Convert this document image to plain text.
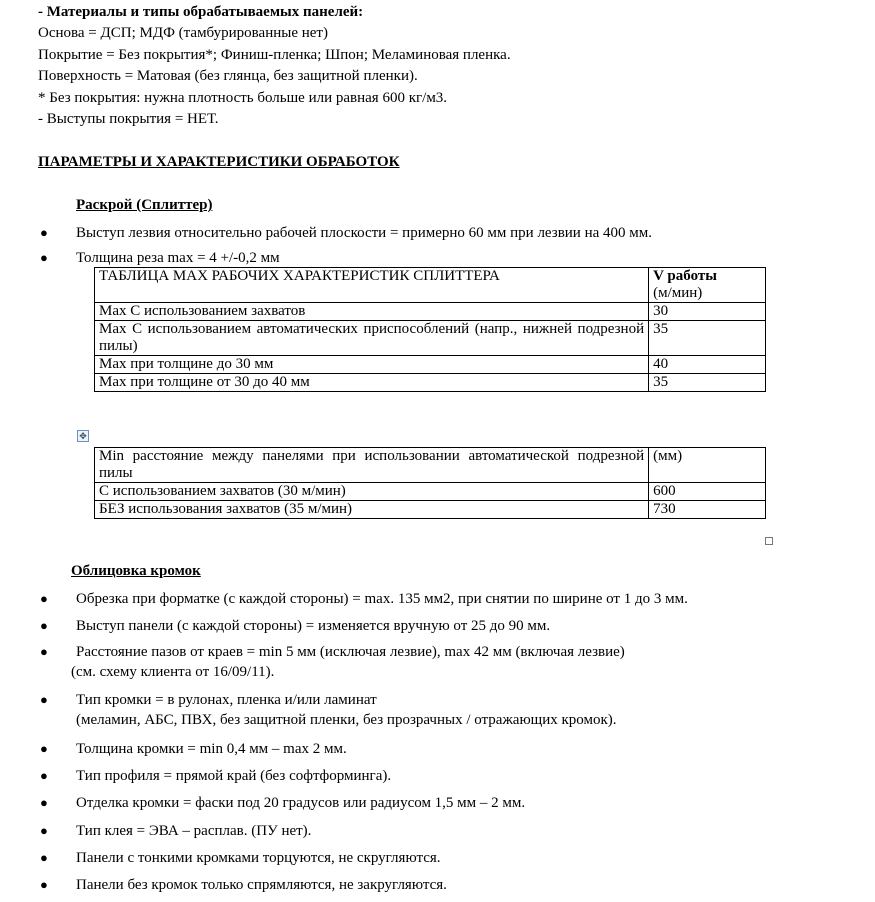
- Материалы и типы обрабатываемых панелей:
Основа = ДСП; МДФ (тамбурированные нет)
Покрытие = Без покрытия*; Финиш-пленка; Шпон; Меламиновая пленка.
Поверхность = Матовая (без глянца, без защитной пленки).
* Без покрытия: нужна плотность больше или равная 600 кг/м3.
- Выступы покрытия = НЕТ.
ПАРАМЕТРЫ И ХАРАКТЕРИСТИКИ ОБРАБОТОК
Раскрой (Сплиттер)
● Выступ лезвия относительно рабочей плоскости = примерно 60 мм при лезвии на 400 мм.
● Толщина реза max = 4 +/-0,2 мм
ТАБЛИЦА MAX РАБОЧИХ ХАРАКТЕРИСТИК СПЛИТТЕРА	V работы
(м/мин)

Max С использованием захватов	30
Max С использованием автоматических приспособлений (напр., нижней подрезной пилы)	35
Max при толщине до 30 мм	40
Max при толщине от 30 до 40 мм	35
✥
Min расстояние между панелями при использовании автоматической подрезной пилы	(мм)
С использованием захватов (30 м/мин)	600
БЕЗ использования захватов (35 м/мин)	730
Облицовка кромок
● Обрезка при форматке (с каждой стороны) = max. 135 мм2, при снятии по ширине от 1 до 3 мм.
● Выступ панели (с каждой стороны) = изменяется вручную от 25 до 90 мм.
● Расстояние пазов от краев = min 5 мм (исключая лезвие), max 42 мм (включая лезвие)
(см. схему клиента от 16/09/11).
● Тип кромки = в рулонах, пленка и/или ламинат
(меламин, АБС, ПВХ, без защитной пленки, без прозрачных / отражающих кромок).
● Толщина кромки = min 0,4 мм – max 2 мм.
● Тип профиля = прямой край (без софтформинга).
● Отделка кромки = фаски под 20 градусов или радиусом 1,5 мм – 2 мм.
● Тип клея = ЭВА – расплав. (ПУ нет).
● Панели с тонкими кромками торцуются, не скругляются.
● Панели без кромок только спрямляются, не закругляются.
